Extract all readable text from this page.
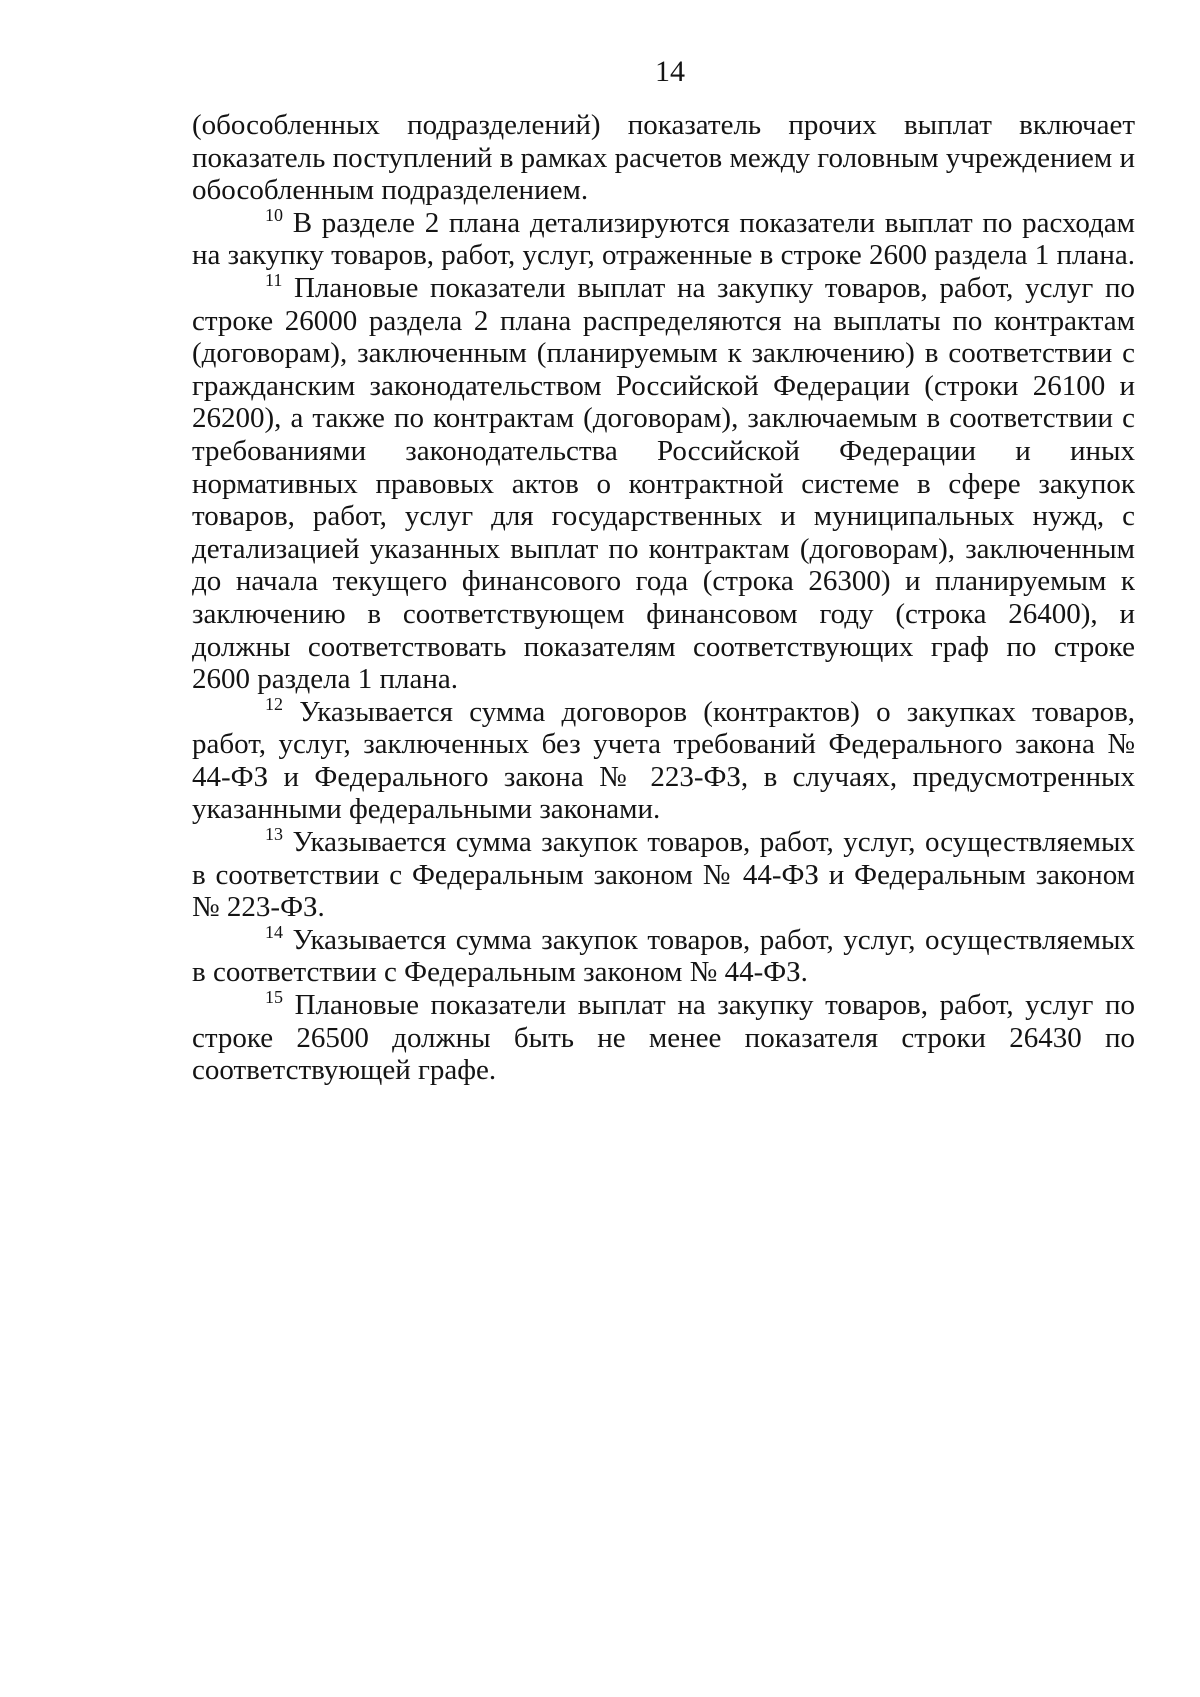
14

(обособленных подразделений) показатель прочих выплат включает показатель поступлений в рамках расчетов между головным учреждением и обособленным подразделением.

$^{10}$ В разделе 2 плана детализируются показатели выплат по расходам на закупку товаров, работ, услуг, отраженные в строке 2600 раздела 1 плана.

$^{11}$ Плановые показатели выплат на закупку товаров, работ, услуг по строке 26000 раздела 2 плана распределяются на выплаты по контрактам (договорам), заключенным (планируемым к заключению) в соответствии с гражданским законодательством Российской Федерации (строки 26100 и 26200), а также по контрактам (договорам), заключаемым в соответствии с требованиями законодательства Российской Федерации и иных нормативных правовых актов о контрактной системе в сфере закупок товаров, работ, услуг для государственных и муниципальных нужд, с детализацией указанных выплат по контрактам (договорам), заключенным до начала текущего финансового года (строка 26300) и планируемым к заключению в соответствующем финансовом году (строка 26400), и должны соответствовать показателям соответствующих граф по строке 2600 раздела 1 плана.

$^{12}$ Указывается сумма договоров (контрактов) о закупках товаров, работ, услуг, заключенных без учета требований Федерального закона № 44-ФЗ и Федерального закона № 223-ФЗ, в случаях, предусмотренных указанными федеральными законами.

$^{13}$ Указывается сумма закупок товаров, работ, услуг, осуществляемых в соответствии с Федеральным законом № 44-ФЗ и Федеральным законом № 223-ФЗ.

$^{14}$ Указывается сумма закупок товаров, работ, услуг, осуществляемых в соответствии с Федеральным законом № 44-ФЗ.

$^{15}$ Плановые показатели выплат на закупку товаров, работ, услуг по строке 26500 должны быть не менее показателя строки 26430 по соответствующей графе.
